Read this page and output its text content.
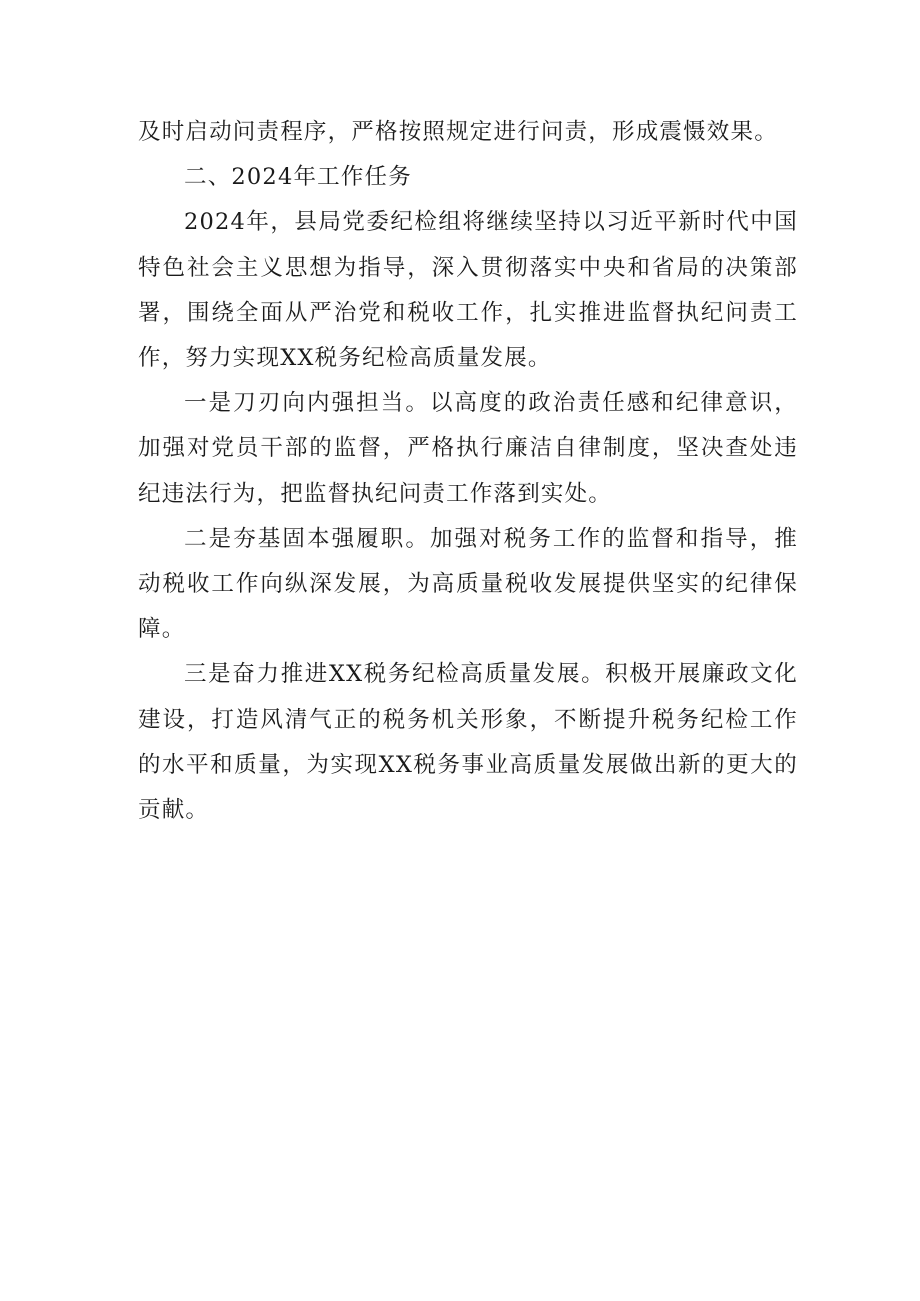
及时启动问责程序，严格按照规定进行问责，形成震慑效果。

二、2024年工作任务

2024年，县局党委纪检组将继续坚持以习近平新时代中国特色社会主义思想为指导，深入贯彻落实中央和省局的决策部署，围绕全面从严治党和税收工作，扎实推进监督执纪问责工作，努力实现XX税务纪检高质量发展。

一是刀刃向内强担当。以高度的政治责任感和纪律意识，加强对党员干部的监督，严格执行廉洁自律制度，坚决查处违纪违法行为，把监督执纪问责工作落到实处。

二是夯基固本强履职。加强对税务工作的监督和指导，推动税收工作向纵深发展，为高质量税收发展提供坚实的纪律保障。

三是奋力推进XX税务纪检高质量发展。积极开展廉政文化建设，打造风清气正的税务机关形象，不断提升税务纪检工作的水平和质量，为实现XX税务事业高质量发展做出新的更大的贡献。
